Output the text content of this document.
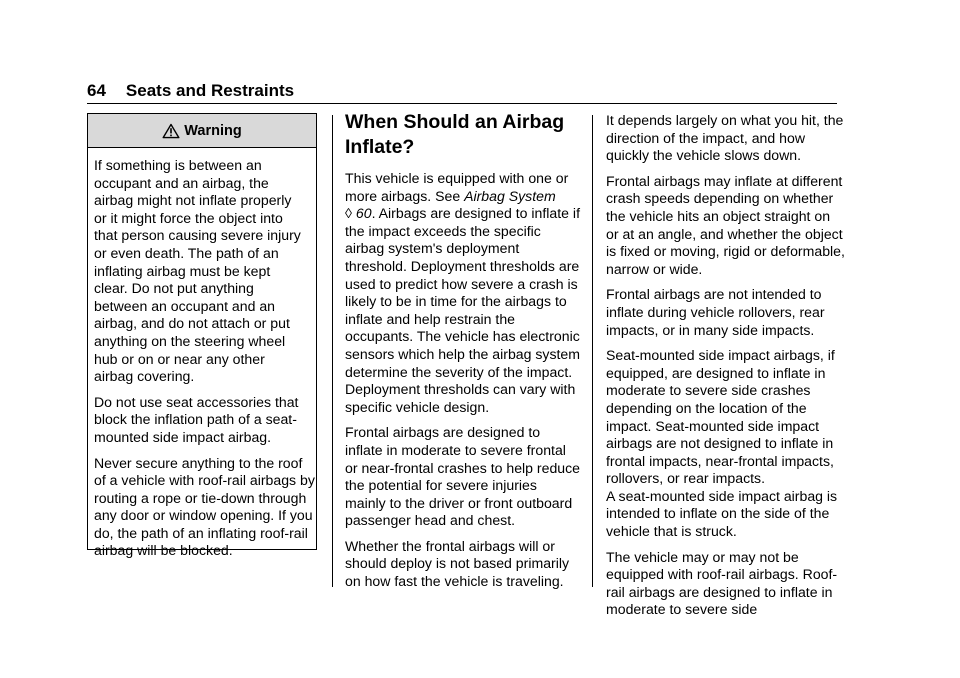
64 Seats and Restraints
Warning

If something is between an occupant and an airbag, the airbag might not inflate properly or it might force the object into that person causing severe injury or even death. The path of an inflating airbag must be kept clear. Do not put anything between an occupant and an airbag, and do not attach or put anything on the steering wheel hub or on or near any other airbag covering.

Do not use seat accessories that block the inflation path of a seat-mounted side impact airbag.

Never secure anything to the roof of a vehicle with roof-rail airbags by routing a rope or tie-down through any door or window opening. If you do, the path of an inflating roof-rail airbag will be blocked.

When Should an Airbag
Inflate?

This vehicle is equipped with one or more airbags. See Airbag System
◊ 60. Airbags are designed to inflate if the impact exceeds the specific airbag system's deployment threshold. Deployment thresholds are used to predict how severe a crash is likely to be in time for the airbags to inflate and help restrain the occupants. The vehicle has electronic sensors which help the airbag system determine the severity of the impact. Deployment thresholds can vary with specific vehicle design.

Frontal airbags are designed to inflate in moderate to severe frontal or near-frontal crashes to help reduce the potential for severe injuries mainly to the driver or front outboard passenger head and chest.

Whether the frontal airbags will or should deploy is not based primarily on how fast the vehicle is traveling.

It depends largely on what you hit, the direction of the impact, and how quickly the vehicle slows down.

Frontal airbags may inflate at different crash speeds depending on whether the vehicle hits an object straight on or at an angle, and whether the object is fixed or moving, rigid or deformable, narrow or wide.

Frontal airbags are not intended to inflate during vehicle rollovers, rear impacts, or in many side impacts.

Seat-mounted side impact airbags, if equipped, are designed to inflate in moderate to severe side crashes depending on the location of the impact. Seat-mounted side impact airbags are not designed to inflate in frontal impacts, near-frontal impacts, rollovers, or rear impacts.
A seat-mounted side impact airbag is intended to inflate on the side of the vehicle that is struck.

The vehicle may or may not be equipped with roof-rail airbags. Roof-rail airbags are designed to inflate in moderate to severe side
